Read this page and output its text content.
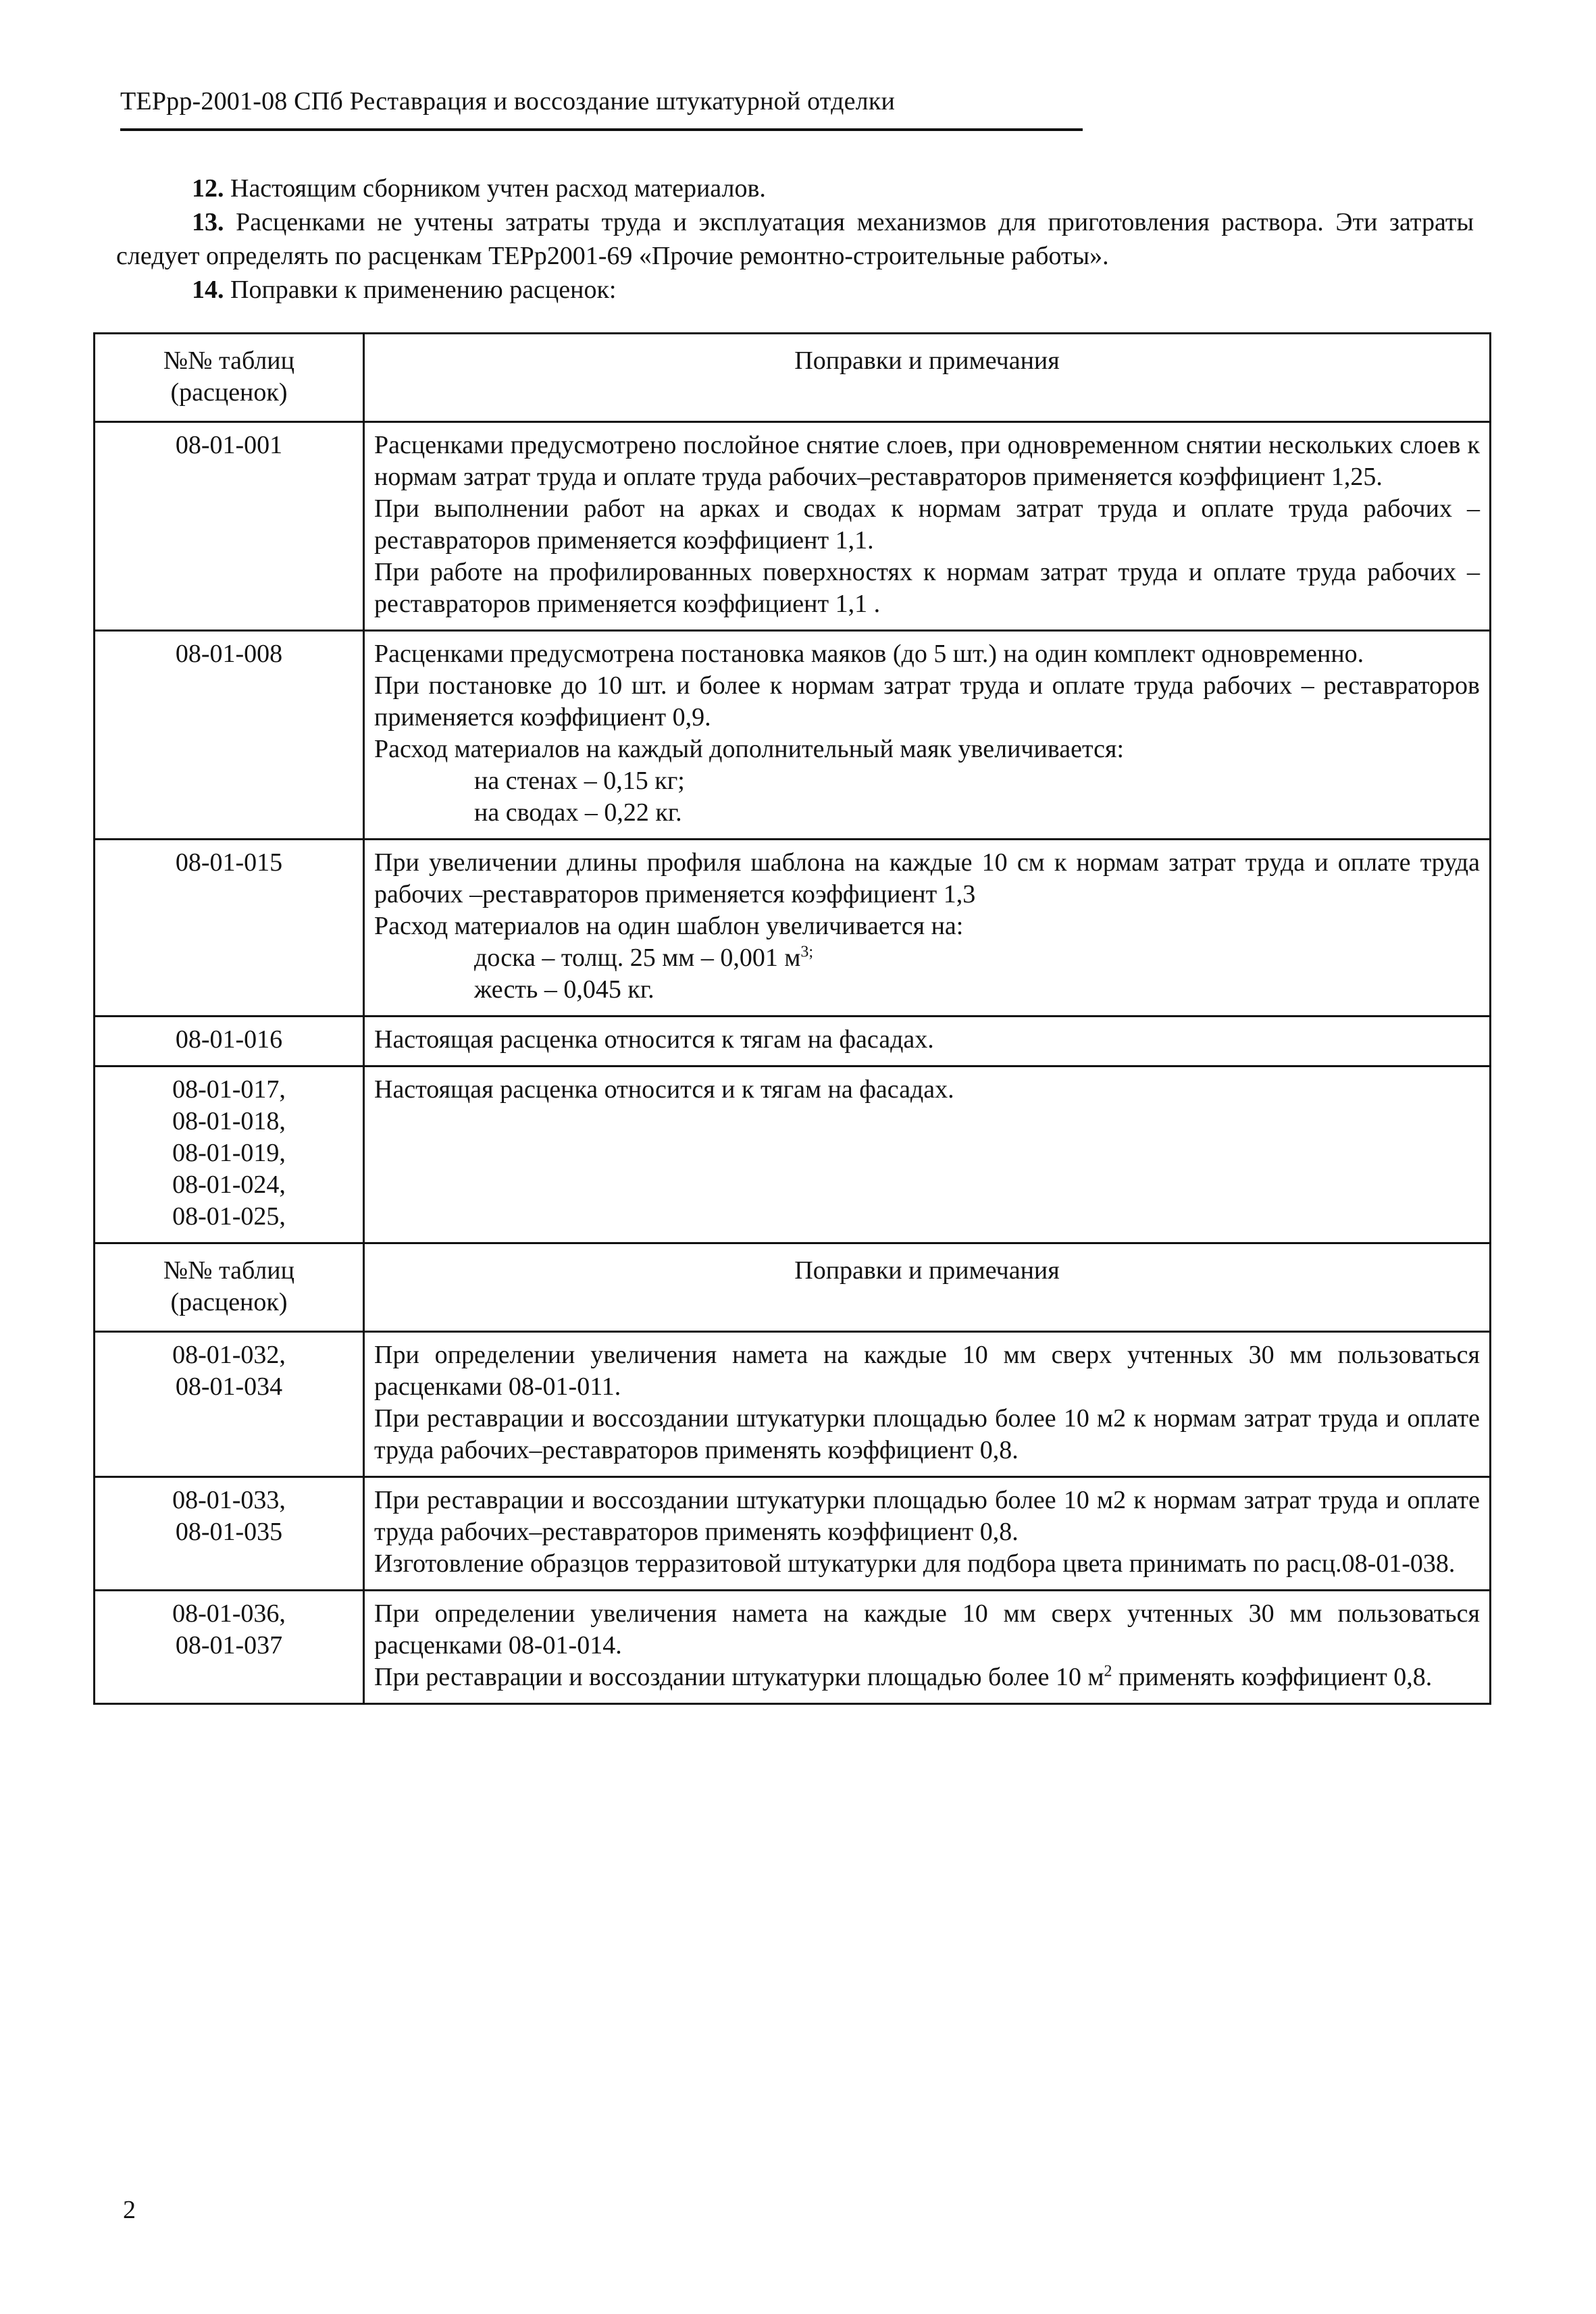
ТЕРрр-2001-08 СПб Реставрация и воссоздание штукатурной отделки

12. Настоящим сборником учтен расход материалов.

13. Расценками не учтены затраты труда и эксплуатация механизмов для приготовления раствора. Эти затраты следует определять по расценкам ТЕРр2001-69 «Прочие ремонтно-строительные работы».

14. Поправки к применению расценок:

№№ таблиц
(расценок)	Поправки и примечания

08-01-001	Расценками предусмотрено послойное снятие слоев, при одновременном снятии нескольких слоев к нормам затрат труда и оплате труда рабочих–реставраторов применяется коэффициент 1,25.
При выполнении работ на арках и сводах к нормам затрат труда и оплате труда рабочих – реставраторов применяется коэффициент 1,1.
При работе на профилированных поверхностях к нормам затрат труда и оплате труда рабочих –реставраторов применяется коэффициент 1,1 .

08-01-008	Расценками предусмотрена постановка маяков (до 5 шт.) на один комплект одновременно.
При постановке до 10 шт. и более к нормам затрат труда и оплате труда рабочих – реставраторов применяется коэффициент 0,9.
Расход материалов на каждый дополнительный маяк увеличивается:
на стенах – 0,15 кг;
на сводах – 0,22 кг.

08-01-015	При увеличении длины профиля шаблона на каждые 10 см к нормам затрат труда и оплате труда рабочих –реставраторов применяется коэффициент 1,3
Расход материалов на один шаблон увеличивается на:
доска – толщ. 25 мм – 0,001 $м^{3;}$
жесть – 0,045 кг.

08-01-016	Настоящая расценка относится к тягам на фасадах.

08-01-017,
08-01-018,
08-01-019,
08-01-024,
08-01-025,	Настоящая расценка относится и к тягам на фасадах.

№№ таблиц
(расценок)	Поправки и примечания

08-01-032,
08-01-034	При определении увеличения намета на каждые 10 мм сверх учтенных 30 мм пользоваться расценками 08-01-011.
При реставрации и воссоздании штукатурки площадью более 10 м2 к нормам затрат труда и оплате труда рабочих–реставраторов применять коэффициент 0,8.

08-01-033,
08-01-035	При реставрации и воссоздании штукатурки площадью более 10 м2 к нормам затрат труда и оплате труда рабочих–реставраторов применять коэффициент 0,8.
Изготовление образцов терразитовой штукатурки для подбора цвета принимать по расц.08-01-038.

08-01-036,
08-01-037	При определении увеличения намета на каждые 10 мм сверх учтенных 30 мм пользоваться расценками 08-01-014.
При реставрации и воссоздании штукатурки площадью более 10 $м^2$ применять коэффициент 0,8.
2
